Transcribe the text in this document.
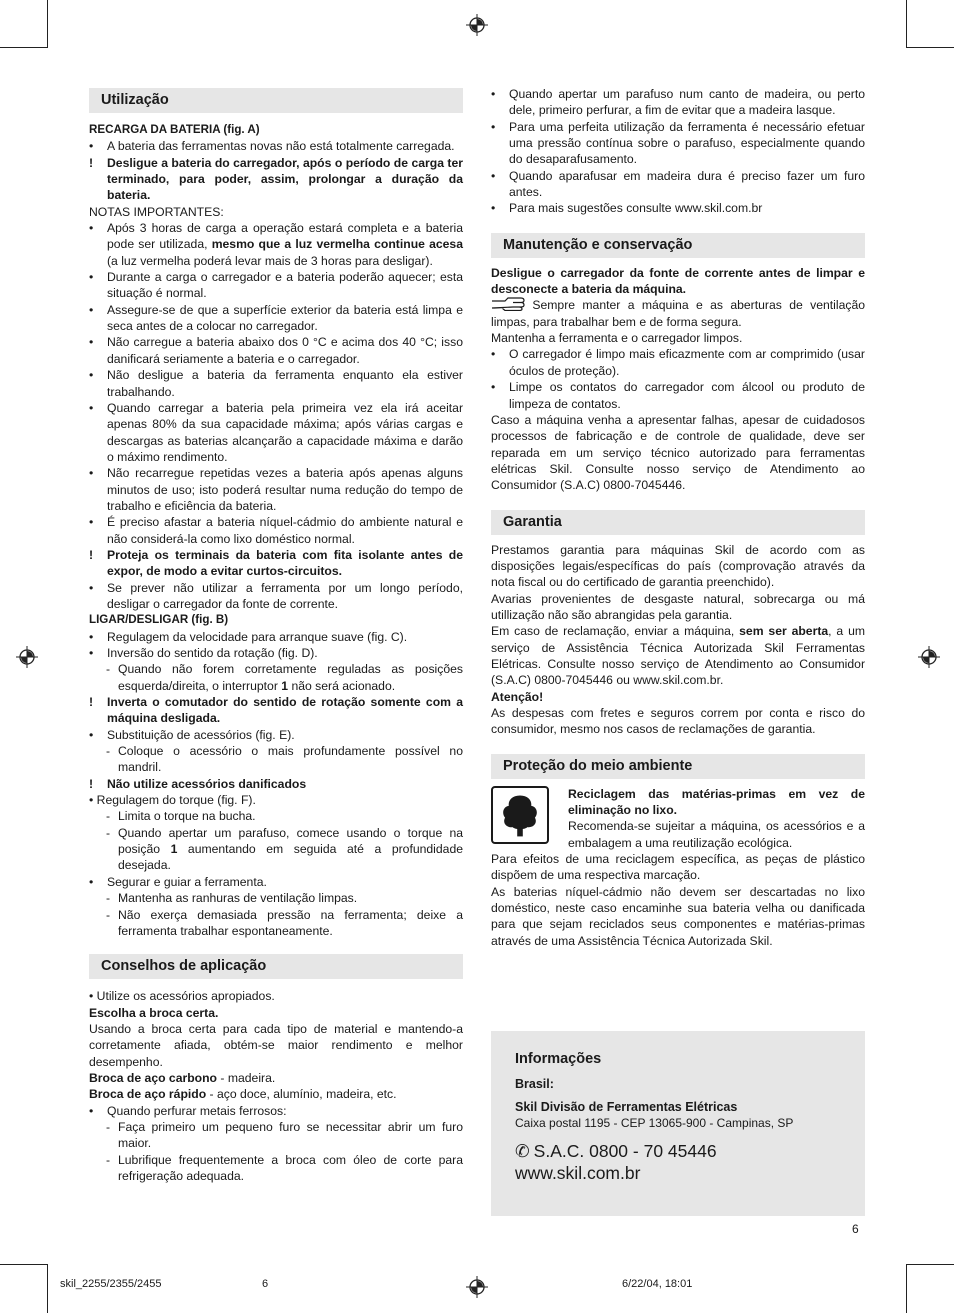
Utilização

RECARGA DA BATERIA (fig. A)

•	A bateria das ferramentas novas não está totalmente carregada.
!	Desligue a bateria do carregador, após o período de carga ter terminado, para poder, assim, prolongar a duração da bateria.

NOTAS IMPORTANTES:

•	Após 3 horas de carga a operação estará completa e a bateria pode ser utilizada, mesmo que a luz vermelha continue acesa (a luz vermelha poderá levar mais de 3 horas para desligar).
•	Durante a carga o carregador e a bateria poderão aquecer; esta situação é normal.
•	Assegure-se de que a superfície exterior da bateria está limpa e seca antes de a colocar no carregador.
•	Não carregue a bateria abaixo dos 0 °C e acima dos 40 °C; isso danificará seriamente a bateria e o carregador.
•	Não desligue a bateria da ferramenta enquanto ela estiver trabalhando.
•	Quando carregar a bateria pela primeira vez ela irá aceitar apenas 80% da sua capacidade máxima; após várias cargas e descargas as baterias alcançarão a capacidade máxima e darão o máximo rendimento.
•	Não recarregue repetidas vezes a bateria após apenas alguns minutos de uso; isto poderá resultar numa redução do tempo de trabalho e eficiência da bateria.
•	É preciso afastar a bateria níquel-cádmio do ambiente natural e não considerá-la como lixo doméstico normal.
!	Proteja os terminais da bateria com fita isolante antes de expor, de modo a evitar curtos-circuitos.
•	Se prever não utilizar a ferramenta por um longo período, desligar o carregador da fonte de corrente.

LIGAR/DESLIGAR (fig. B)

•	Regulagem da velocidade para arranque suave (fig. C).
•	Inversão do sentido da rotação (fig. D).
- Quando não forem corretamente reguladas as posições esquerda/direita, o interruptor 1 não será acionado.
!	Inverta o comutador do sentido de rotação somente com a máquina desligada.
•	Substituição de acessórios (fig. E).
- Coloque o acessório o mais profundamente possível no mandril.
!	Não utilize acessórios danificados

• Regulagem do torque (fig. F).

- Limita o torque na bucha.
- Quando apertar um parafuso, comece usando o torque na posição 1 aumentando em seguida até a profundidade desejada.
•	Segurar e guiar a ferramenta.
- Mantenha as ranhuras de ventilação limpas.
- Não exerça demasiada pressão na ferramenta; deixe a ferramenta trabalhar espontaneamente.
Conselhos de aplicação

• Utilize os acessórios apropiados.

Escolha a broca certa.

Usando a broca certa para cada tipo de material e mantendo-a corretamente afiada, obtém-se maior rendimento e melhor desempenho.

Broca de aço carbono - madeira.

Broca de aço rápido - aço doce, alumínio, madeira, etc.

•	Quando perfurar metais ferrosos:
- Faça primeiro um pequeno furo se necessitar abrir um furo maior.
- Lubrifique frequentemente a broca com óleo de corte para refrigeração adequada.
•	Quando apertar um parafuso num canto de madeira, ou perto dele, primeiro perfurar, a fim de evitar que a madeira lasque.
•	Para uma perfeita utilização da ferramenta é necessário efetuar uma pressão contínua sobre o parafuso, especialmente quando do desaparafusamento.
•	Quando aparafusar em madeira dura é preciso fazer um furo antes.
•	Para mais sugestões consulte www.skil.com.br
Manutenção e conservação

Desligue o carregador da fonte de corrente antes de limpar e desconecte a bateria da máquina.

Sempre manter a máquina e as aberturas de ventilação limpas, para trabalhar bem e de forma segura.

Mantenha a ferramenta e o carregador limpos.

•	O carregador é limpo mais eficazmente com ar comprimido (usar óculos de proteção).
•	Limpe os contatos do carregador com álcool ou produto de limpeza de contatos.

Caso a máquina venha a apresentar falhas, apesar de cuidadosos processos de fabricação e de controle de qualidade, deve ser reparada em um serviço técnico autorizado para ferramentas elétricas Skil. Consulte nosso serviço de Atendimento ao Consumidor (S.A.C) 0800-7045446.

Garantia

Prestamos garantia para máquinas Skil de acordo com as disposições legais/específicas do país (comprovação através da nota fiscal ou do certificado de garantia preenchido).

Avarias provenientes de desgaste natural, sobrecarga ou má utillização não são abrangidas pela garantia.

Em caso de reclamação, enviar a máquina, sem ser aberta, a um serviço de Assistência Técnica Autorizada Skil Ferramentas Elétricas. Consulte nosso serviço de Atendimento ao Consumidor (S.A.C) 0800-7045446 ou www.skil.com.br.

Atenção!

As despesas com fretes e seguros correm por conta e risco do consumidor, mesmo nos casos de reclamações de garantia.

Proteção do meio ambiente

Reciclagem das matérias-primas em vez de eliminação no lixo.

Recomenda-se sujeitar a máquina, os acessórios e a embalagem a uma reutilização ecológica.

Para efeitos de uma reciclagem específica, as peças de plástico dispõem de uma respectiva marcação.

As baterias níquel-cádmio não devem ser descartadas no lixo doméstico, neste caso encaminhe sua bateria velha ou danificada para que sejam reciclados seus componentes e matérias-primas através de uma Assistência Técnica Autorizada Skil.

Informações
Brasil:
Skil Divisão de Ferramentas Elétricas
Caixa postal 1195 - CEP 13065-900 - Campinas, SP
✆ S.A.C. 0800 - 70 45446
www.skil.com.br
6
skil_2255/2355/2455	6	6/22/04, 18:01
